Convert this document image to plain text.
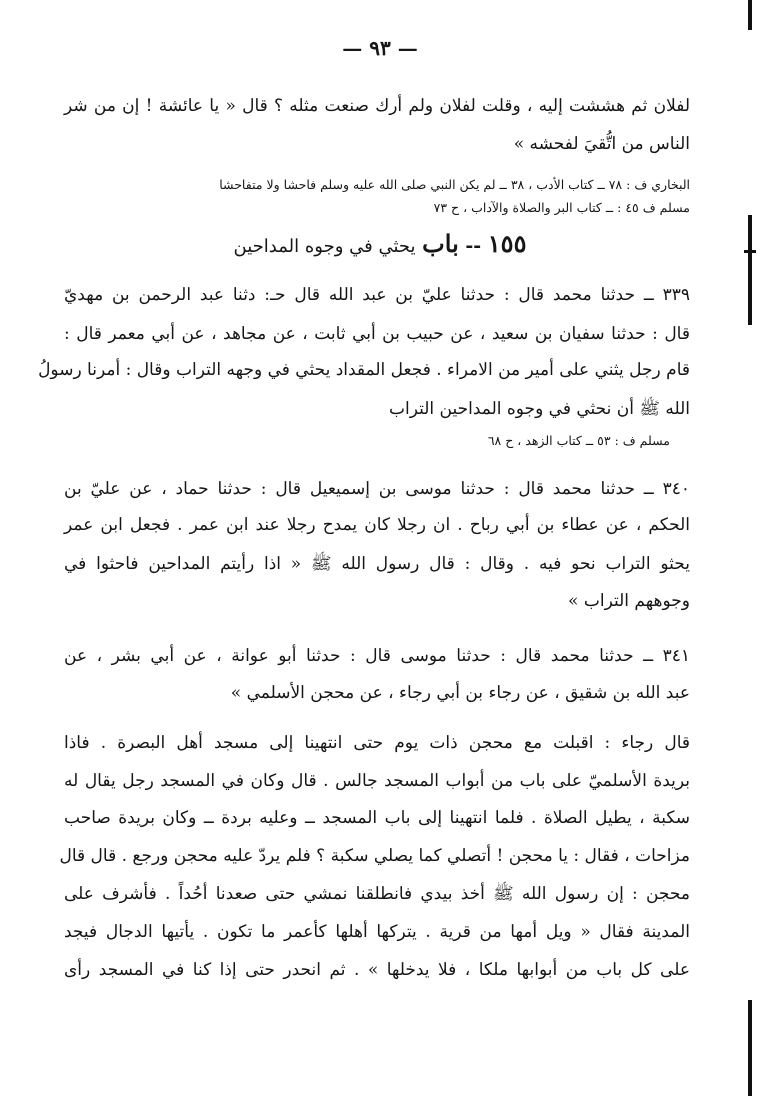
— ٩٣ —
لفلان ثم هششت إليه ، وقلت لفلان ولم أرك صنعت مثله ؟ قال « يا عائشة ! إن من شر
الناس من اتُّقيَ لفحشه »
البخاري ف : ٧٨ ــ كتاب الأدب ، ٣٨ ــ لم يكن النبي صلى الله عليه وسلم فاحشا ولا متفاحشا
مسلم ف ٤٥ : ــ كتاب البر والصلاة والآداب ، ح ٧٣
١٥٥ -- باب يحثي في وجوه المداحين
٣٣٩ ــ حدثنا محمد قال : حدثنا عليّ بن عبد الله قال حـ: دثنا عبد الرحمن بن مهديّ
قال : حدثنا سفيان بن سعيد ، عن حبيب بن أبي ثابت ، عن مجاهد ، عن أبي معمر قال :
قام رجل يثني على أمير من الامراء . فجعل المقداد يحثي في وجهه التراب وقال : أمرنا رسولُ
الله ﷺ أن نحثي في وجوه المداحين التراب
مسلم ف : ٥٣ ــ كتاب الزهد ، ح ٦٨
٣٤٠ ــ حدثنا محمد قال : حدثنا موسى بن إسميعيل قال : حدثنا حماد ، عن عليّ بن
الحكم ، عن عطاء بن أبي رباح . ان رجلا كان يمدح رجلا عند ابن عمر . فجعل ابن عمر
يحثو التراب نحو فيه . وقال : قال رسول الله ﷺ « اذا رأيتم المداحين فاحثوا في
وجوههم التراب »
٣٤١ ــ حدثنا محمد قال : حدثنا موسى قال : حدثنا أبو عوانة ، عن أبي بشر ، عن
عبد الله بن شقيق ، عن رجاء بن أبي رجاء ، عن محجن الأسلمي »
قال رجاء : اقبلت مع محجن ذات يوم حتى انتهينا إلى مسجد أهل البصرة . فاذا
بريدة الأسلميّ على باب من أبواب المسجد جالس . قال وكان في المسجد رجل يقال له
سكبة ، يطيل الصلاة . فلما انتهينا إلى باب المسجد ــ وعليه بردة ــ وكان بريدة صاحب
مزاحات ، فقال : يا محجن ! أتصلي كما يصلي سكبة ؟ فلم يردّ عليه محجن ورجع . قال قال
محجن : إن رسول الله ﷺ أخذ بيدي فانطلقنا نمشي حتى صعدنا أحُداً . فأشرف على
المدينة فقال « ويل أمها من قرية . يتركها أهلها كأعمر ما تكون . يأتيها الدجال فيجد
على كل باب من أبوابها ملكا ، فلا يدخلها » . ثم انحدر حتى إذا كنا في المسجد رأى
